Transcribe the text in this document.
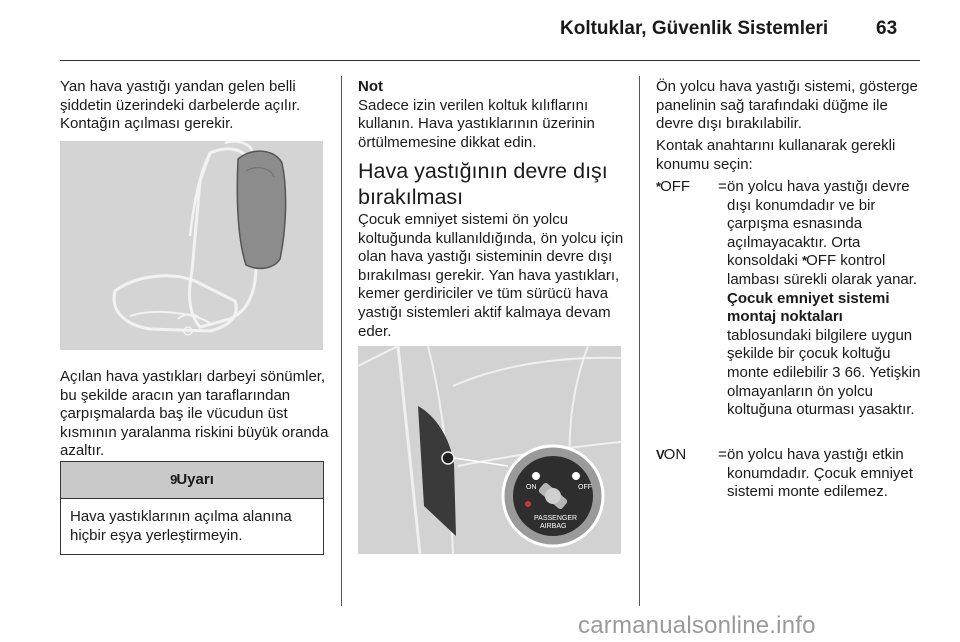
Koltuklar, Güvenlik Sistemleri	63
Yan hava yastığı yandan gelen belli şiddetin üzerindeki darbelerde açılır. Kontağın açılması gerekir.
Açılan hava yastıkları darbeyi sönümler, bu şekilde aracın yan taraflarından çarpışmalarda baş ile vücudun üst kısmının yaralanma riskini büyük oranda azaltır.
9Uyarı
Hava yastıklarının açılma alanına hiçbir eşya yerleştirmeyin.
Not
Sadece izin verilen koltuk kılıflarını kullanın. Hava yastıklarının üzerinin örtülmemesine dikkat edin.
Hava yastığının devre dışı bırakılması
Çocuk emniyet sistemi ön yolcu koltuğunda kullanıldığında, ön yolcu için olan hava yastığı sisteminin devre dışı bırakılması gerekir. Yan hava yastıkları, kemer gerdiriciler ve tüm sürücü hava yastığı sistemleri aktif kalmaya devam eder.
ON	OFF
PASSENGER
AIRBAG
Ön yolcu hava yastığı sistemi, gösterge panelinin sağ tarafındaki düğme ile devre dışı bırakılabilir.
Kontak anahtarını kullanarak gerekli konumu seçin:
*OFF = ön yolcu hava yastığı devre dışı konumdadır ve bir çarpışma esnasında açılmayacaktır. Orta konsoldaki *OFF kontrol lambası sürekli olarak yanar. Çocuk emniyet sistemi montaj noktaları tablosundaki bilgilere uygun şekilde bir çocuk koltuğu monte edilebilir 3 66. Yetişkin olmayanların ön yolcu koltuğuna oturması yasaktır.
VON = ön yolcu hava yastığı etkin konumdadır. Çocuk emniyet sistemi monte edilemez.
carmanualsonline.info
